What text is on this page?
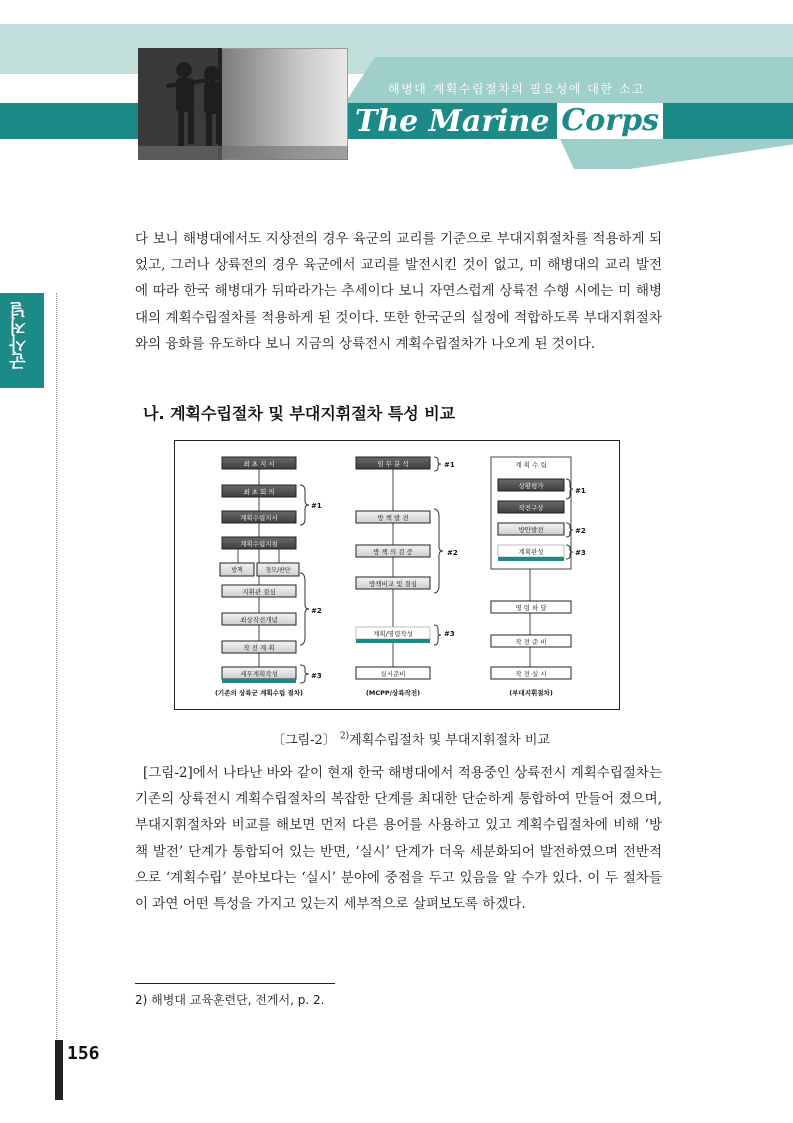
해병대 계획수립절차의 필요성에 대한 소고
The Marine Corps
군사저널
다 보니 해병대에서도 지상전의 경우 육군의 교리를 기준으로 부대지휘절차를 적용하게 되었고, 그러나 상륙전의 경우 육군에서 교리를 발전시킨 것이 없고, 미 해병대의 교리 발전에 따라 한국 해병대가 뒤따라가는 추세이다 보니 자연스럽게 상륙전 수행 시에는 미 해병대의 계획수립절차를 적용하게 된 것이다. 또한 한국군의 실정에 적합하도록 부대지휘절차와의 융화를 유도하다 보니 지금의 상륙전시 계획수립절차가 나오게 된 것이다.
나. 계획수립절차 및 부대지휘절차 특성 비교
최 초 지 시
최 초 회 의
계획수립지시
계획수립지침
방책	청모/판단
지휘관 결심
최상작전개념
작 전 계 획
세무계획작성
(기존의 상륙군 계획수립 절차)
#1
#2
#3
임 무 분 석
방 책 발 전
방 책 의 검 증
방책비교 및 결심
계획/명령작성
실시준비
(MCPP/상륙작전)
#1
#2
#3
계 획 수 립
상황평가
작전구상
방안발전
계획판성
명 령 하 달
작 전 준 비
작 전 실 시
(부대지휘절차)
#1
#2
#3
〔그림-2〕 $^{2)}$계획수립절차 및 부대지휘절차 비교
[그림-2]에서 나타난 바와 같이 현재 한국 해병대에서 적용중인 상륙전시 계획수립절차는 기존의 상륙전시 계획수립절차의 복잡한 단계를 최대한 단순하게 통합하여 만들어 졌으며, 부대지휘절차와 비교를 해보면 먼저 다른 용어를 사용하고 있고 계획수립절차에 비해 ‘방책 발전’ 단계가 통합되어 있는 반면, ‘실시’ 단계가 더욱 세분화되어 발전하였으며 전반적으로 ‘계획수립’ 분야보다는 ‘실시’ 분야에 중점을 두고 있음을 알 수가 있다. 이 두 절차들이 과연 어떤 특성을 가지고 있는지 세부적으로 살펴보도록 하겠다.
2) 해병대 교육훈련단, 전게서, p. 2.
156
